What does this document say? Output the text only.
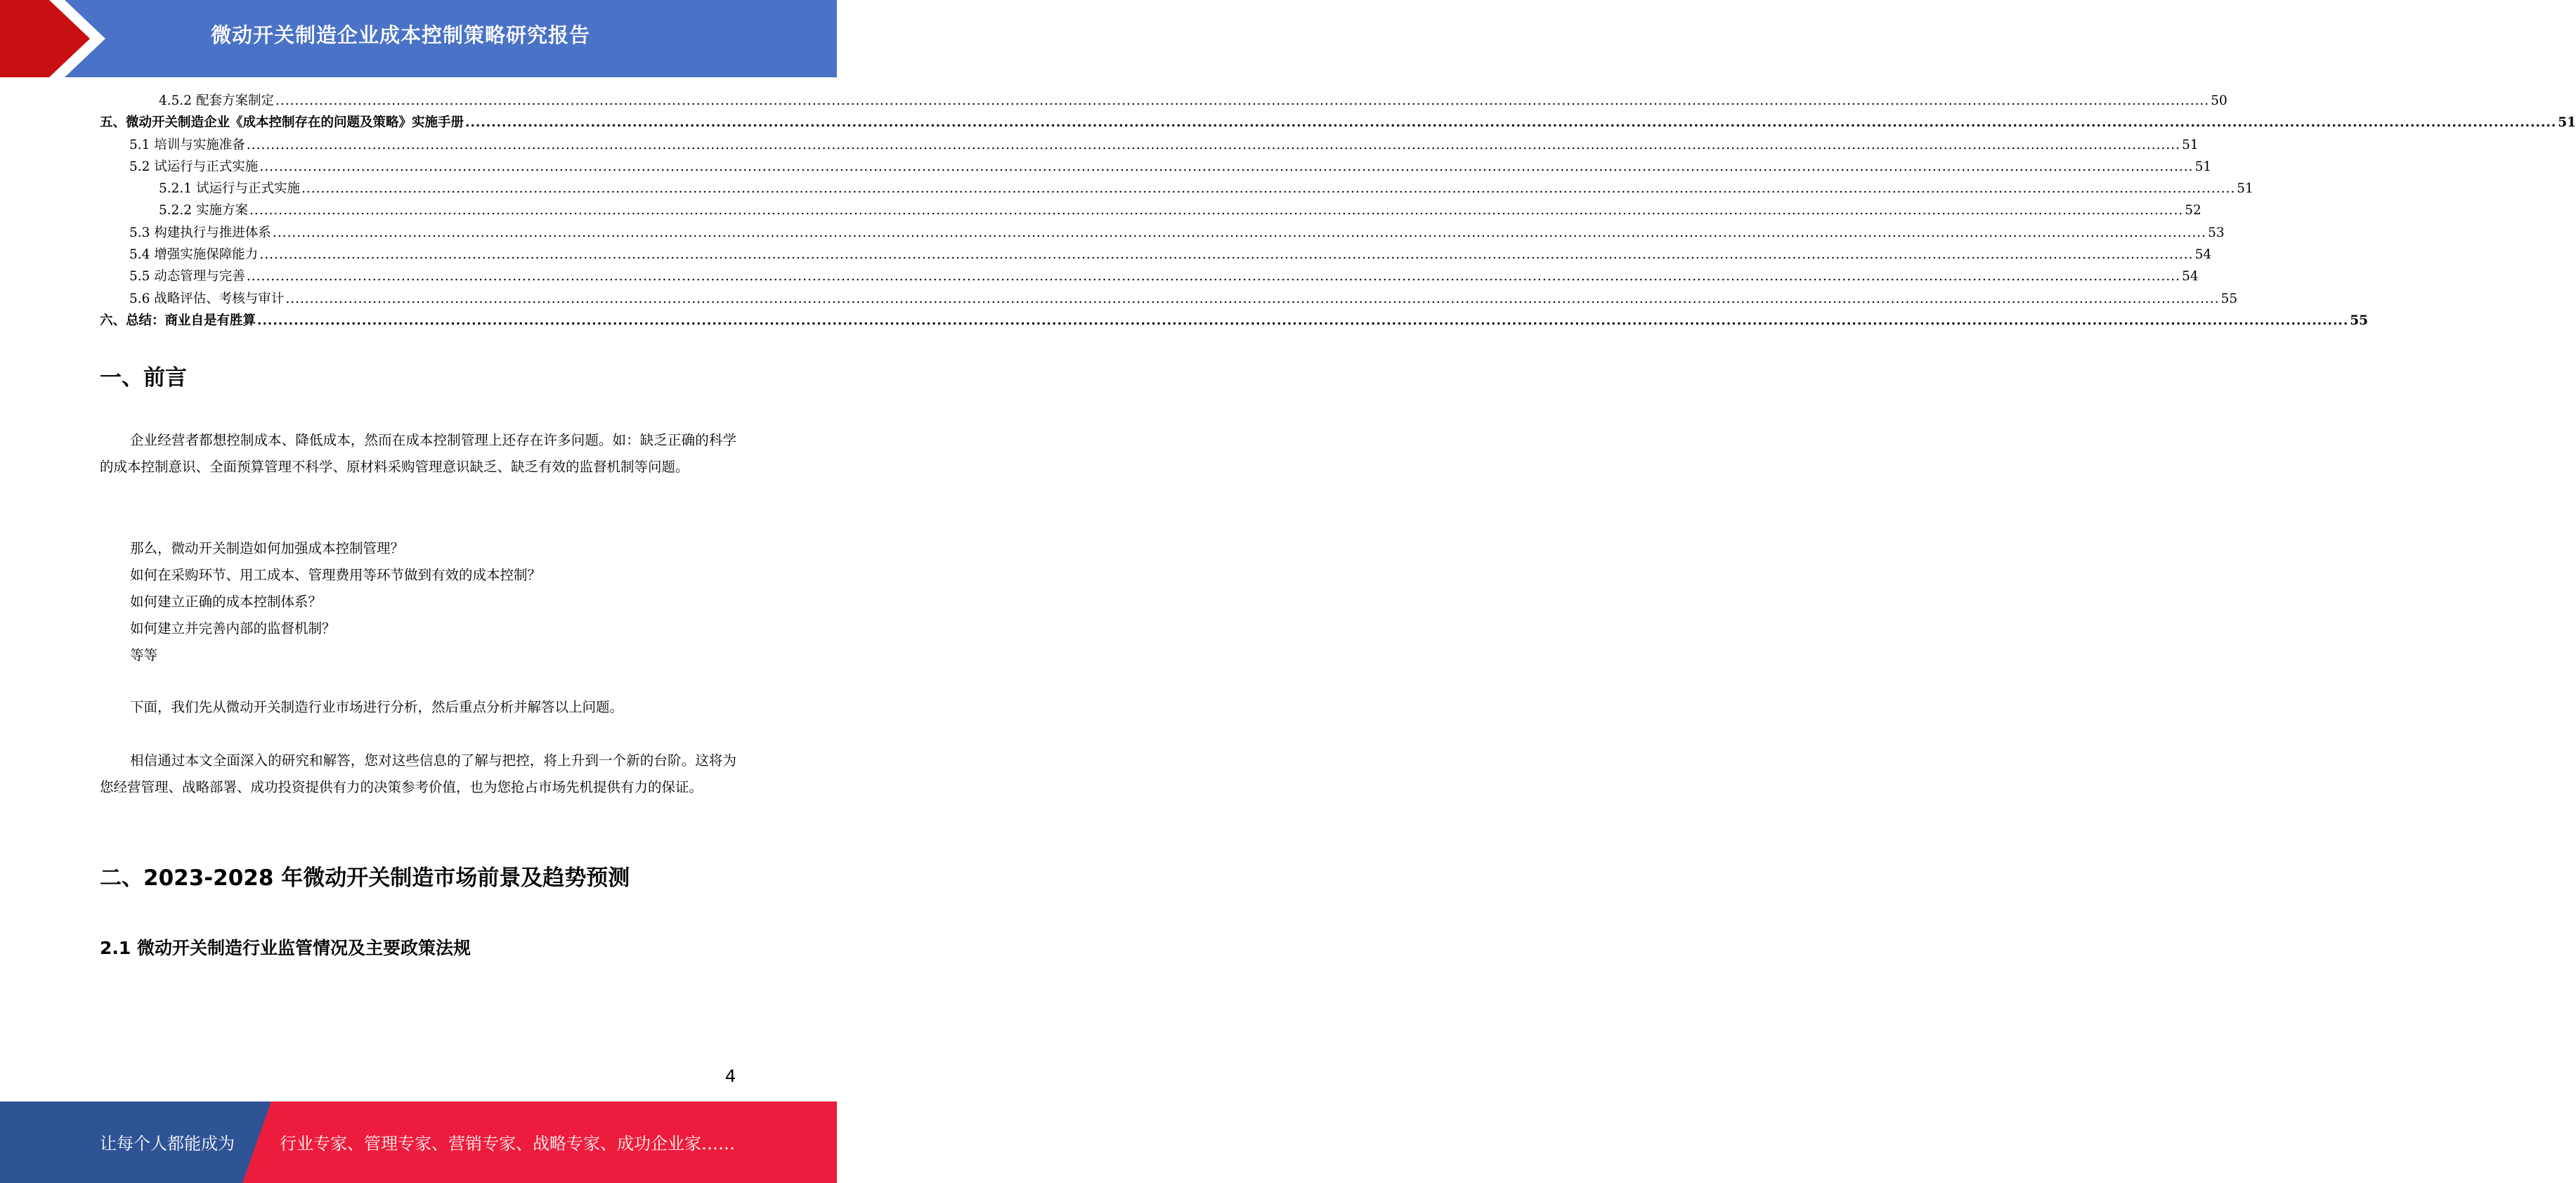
微动开关制造企业成本控制策略研究报告
4.5.2 配套方案制定 ................................................................................................................................................................................................................................................................................................................................................................................................................ 50
五、微动开关制造企业《成本控制存在的问题及策略》实施手册 ................................................................................................................................................................................................................................................................................................................................................................................................................ 51
5.1 培训与实施准备 ................................................................................................................................................................................................................................................................................................................................................................................................................ 51
5.2 试运行与正式实施 ................................................................................................................................................................................................................................................................................................................................................................................................................ 51
5.2.1 试运行与正式实施 ................................................................................................................................................................................................................................................................................................................................................................................................................ 51
5.2.2 实施方案 ................................................................................................................................................................................................................................................................................................................................................................................................................ 52
5.3 构建执行与推进体系 ................................................................................................................................................................................................................................................................................................................................................................................................................ 53
5.4 增强实施保障能力 ................................................................................................................................................................................................................................................................................................................................................................................................................ 54
5.5 动态管理与完善 ................................................................................................................................................................................................................................................................................................................................................................................................................ 54
5.6 战略评估、考核与审计 ................................................................................................................................................................................................................................................................................................................................................................................................................ 55
六、总结：商业自是有胜算 ................................................................................................................................................................................................................................................................................................................................................................................................................ 55
一、前言

企业经营者都想控制成本、降低成本，然而在成本控制管理上还存在许多问题。如：缺乏正确的科学的成本控制意识、全面预算管理不科学、原材料采购管理意识缺乏、缺乏有效的监督机制等问题。

那么，微动开关制造如何加强成本控制管理？
如何在采购环节、用工成本、管理费用等环节做到有效的成本控制？
如何建立正确的成本控制体系？
如何建立并完善内部的监督机制？
等等

下面，我们先从微动开关制造行业市场进行分析，然后重点分析并解答以上问题。

相信通过本文全面深入的研究和解答，您对这些信息的了解与把控，将上升到一个新的台阶。这将为您经营管理、战略部署、成功投资提供有力的决策参考价值，也为您抢占市场先机提供有力的保证。

二、2023-2028 年微动开关制造市场前景及趋势预测
2.1 微动开关制造行业监管情况及主要政策法规
4
让每个人都能成为	行业专家、管理专家、营销专家、战略专家、成功企业家……
